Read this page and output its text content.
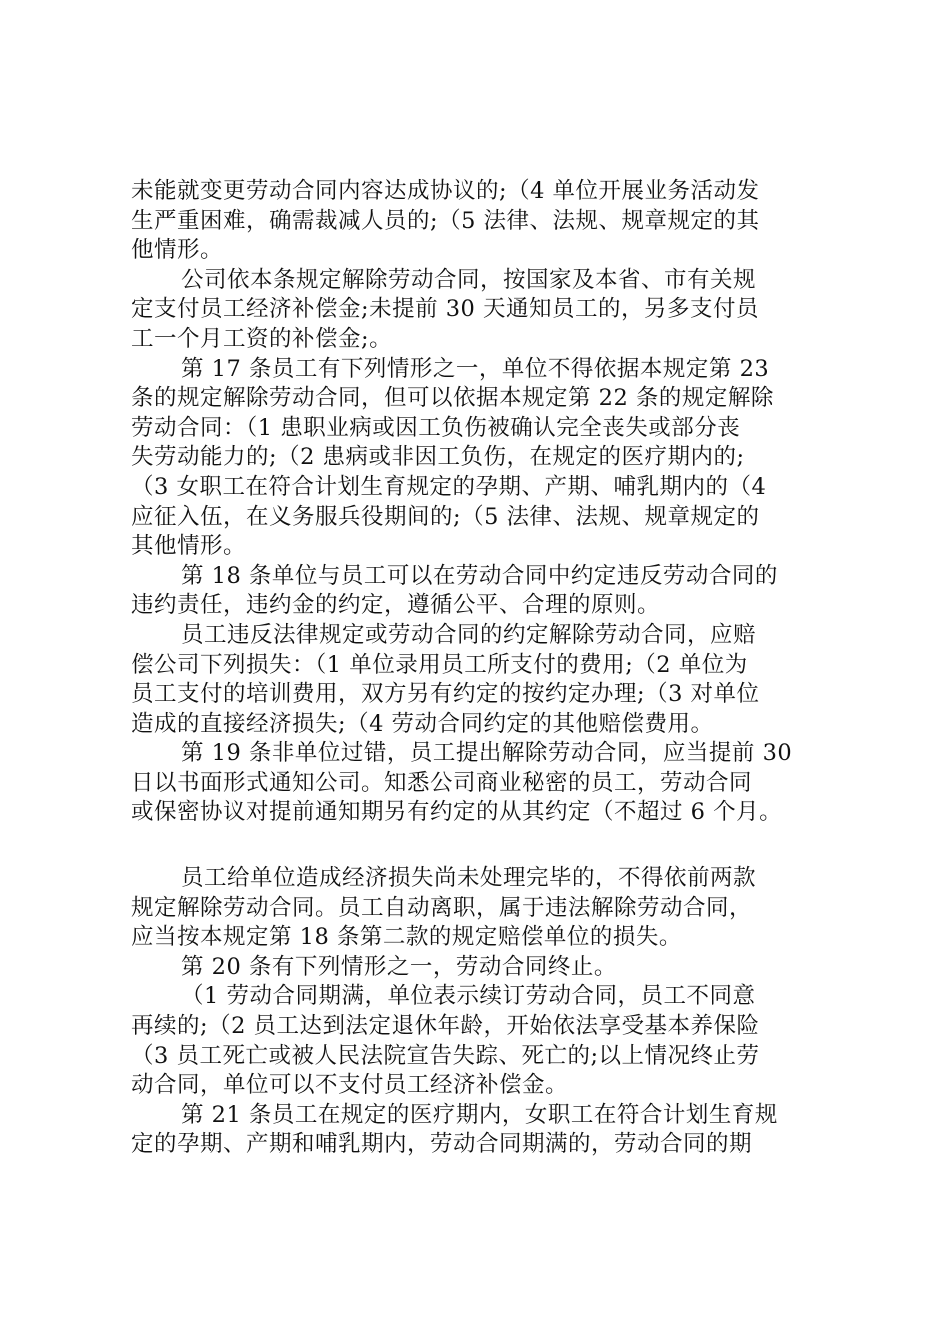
未能就变更劳动合同内容达成协议的;（4 单位开展业务活动发
生严重困难，确需裁减人员的;（5 法律、法规、规章规定的其
他情形。
公司依本条规定解除劳动合同，按国家及本省、市有关规
定支付员工经济补偿金;未提前 30 天通知员工的，另多支付员
工一个月工资的补偿金;。
第 17 条员工有下列情形之一，单位不得依据本规定第 23
条的规定解除劳动合同，但可以依据本规定第 22 条的规定解除
劳动合同：（1 患职业病或因工负伤被确认完全丧失或部分丧
失劳动能力的;（2 患病或非因工负伤，在规定的医疗期内的;
（3 女职工在符合计划生育规定的孕期、产期、哺乳期内的（4
应征入伍，在义务服兵役期间的;（5 法律、法规、规章规定的
其他情形。
第 18 条单位与员工可以在劳动合同中约定违反劳动合同的
违约责任，违约金的约定，遵循公平、合理的原则。
员工违反法律规定或劳动合同的约定解除劳动合同，应赔
偿公司下列损失：（1 单位录用员工所支付的费用;（2 单位为
员工支付的培训费用，双方另有约定的按约定办理;（3 对单位
造成的直接经济损失;（4 劳动合同约定的其他赔偿费用。
第 19 条非单位过错，员工提出解除劳动合同，应当提前 30
日以书面形式通知公司。知悉公司商业秘密的员工，劳动合同
或保密协议对提前通知期另有约定的从其约定（不超过 6 个月。
员工给单位造成经济损失尚未处理完毕的，不得依前两款
规定解除劳动合同。员工自动离职，属于违法解除劳动合同，
应当按本规定第 18 条第二款的规定赔偿单位的损失。
第 20 条有下列情形之一，劳动合同终止。
（1 劳动合同期满，单位表示续订劳动合同，员工不同意
再续的;（2 员工达到法定退休年龄，开始依法享受基本养保险
（3 员工死亡或被人民法院宣告失踪、死亡的;以上情况终止劳
动合同，单位可以不支付员工经济补偿金。
第 21 条员工在规定的医疗期内，女职工在符合计划生育规
定的孕期、产期和哺乳期内，劳动合同期满的，劳动合同的期
